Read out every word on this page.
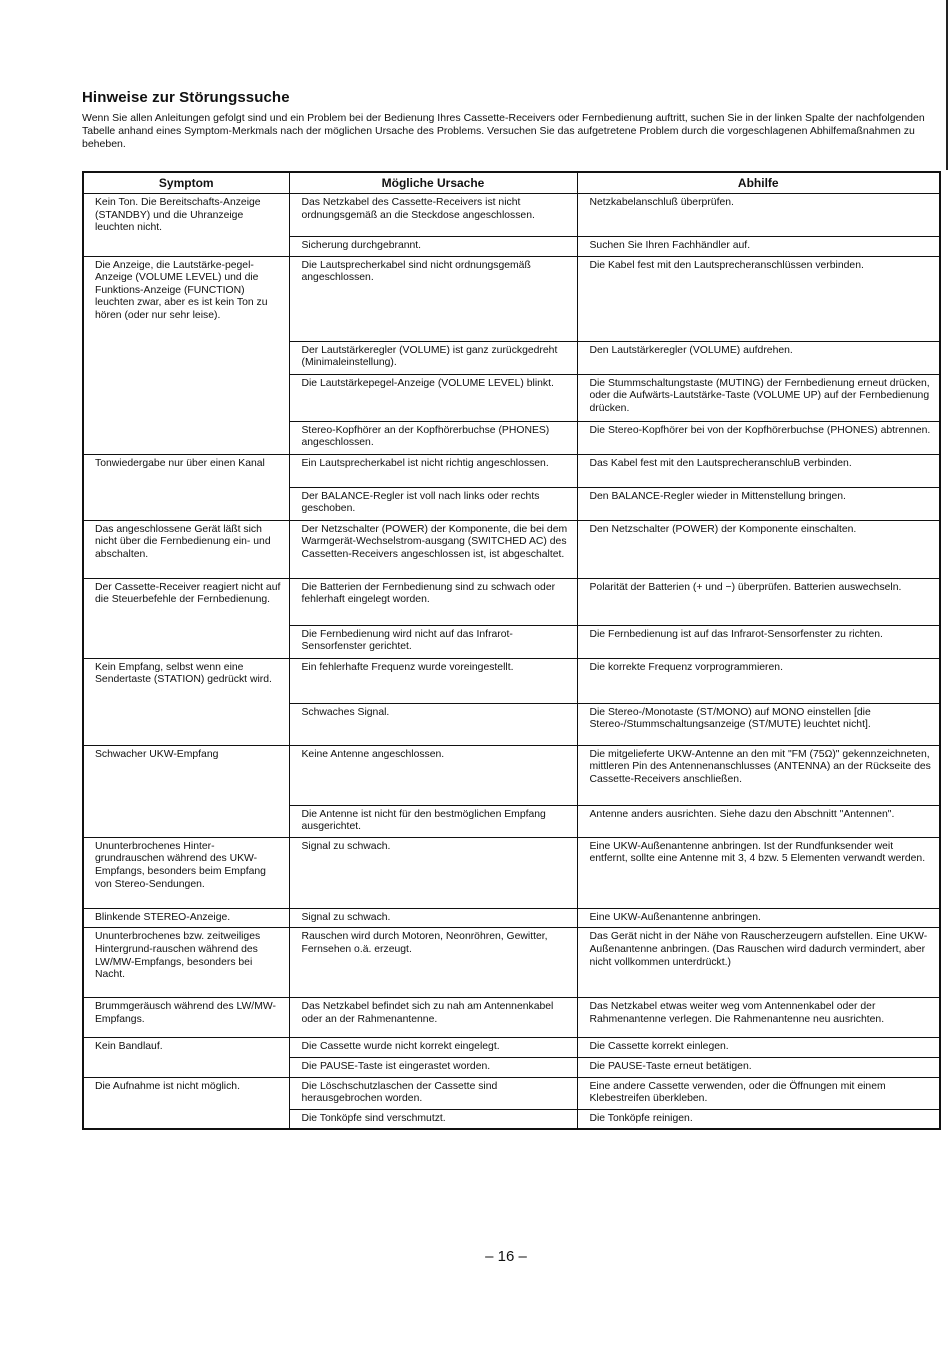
Hinweise zur Störungssuche

Wenn Sie allen Anleitungen gefolgt sind und ein Problem bei der Bedienung Ihres Cassette-Receivers oder Fernbedienung auftritt, suchen Sie in der linken Spalte der nachfolgenden Tabelle anhand eines Symptom-Merkmals nach der möglichen Ursache des Problems. Versuchen Sie das aufgetretene Problem durch die vorgeschlagenen Abhilfemaßnahmen zu beheben.

Symptom	Mögliche Ursache	Abhilfe
Kein Ton. Die Bereitschafts-Anzeige (STANDBY) und die Uhranzeige leuchten nicht.	Das Netzkabel des Cassette-Receivers ist nicht ordnungsgemäß an die Steckdose angeschlossen.	Netzkabelanschluß überprüfen.
	Sicherung durchgebrannt.	Suchen Sie Ihren Fachhändler auf.
Die Anzeige, die Lautstärke-pegel-Anzeige (VOLUME LEVEL) und die Funktions-Anzeige (FUNCTION) leuchten zwar, aber es ist kein Ton zu hören (oder nur sehr leise).	Die Lautsprecherkabel sind nicht ordnungsgemäß angeschlossen.	Die Kabel fest mit den Lautsprecheranschlüssen verbinden.
	Der Lautstärkeregler (VOLUME) ist ganz zurückgedreht (Minimaleinstellung).	Den Lautstärkeregler (VOLUME) aufdrehen.
	Die Lautstärkepegel-Anzeige (VOLUME LEVEL) blinkt.	Die Stummschaltungstaste (MUTING) der Fernbedienung erneut drücken, oder die Aufwärts-Lautstärke-Taste (VOLUME UP) auf der Fernbedienung drücken.
	Stereo-Kopfhörer an der Kopfhörerbuchse (PHONES) angeschlossen.	Die Stereo-Kopfhörer bei von der Kopfhörerbuchse (PHONES) abtrennen.
Tonwiedergabe nur über einen Kanal	Ein Lautsprecherkabel ist nicht richtig angeschlossen.	Das Kabel fest mit den LautsprecheranschluB verbinden.
	Der BALANCE-Regler ist voll nach links oder rechts geschoben.	Den BALANCE-Regler wieder in Mittenstellung bringen.
Das angeschlossene Gerät läßt sich nicht über die Fernbedienung ein- und abschalten.	Der Netzschalter (POWER) der Komponente, die bei dem Warmgerät-Wechselstrom-ausgang (SWITCHED AC) des Cassetten-Receivers angeschlossen ist, ist abgeschaltet.	Den Netzschalter (POWER) der Komponente einschalten.
Der Cassette-Receiver reagiert nicht auf die Steuerbefehle der Fernbedienung.	Die Batterien der Fernbedienung sind zu schwach oder fehlerhaft eingelegt worden.	Polarität der Batterien (+ und −) überprüfen. Batterien auswechseln.
	Die Fernbedienung wird nicht auf das Infrarot-Sensorfenster gerichtet.	Die Fernbedienung ist auf das Infrarot-Sensorfenster zu richten.
Kein Empfang, selbst wenn eine Sendertaste (STATION) gedrückt wird.	Ein fehlerhafte Frequenz wurde voreingestellt.	Die korrekte Frequenz vorprogrammieren.
	Schwaches Signal.	Die Stereo-/Monotaste (ST/MONO) auf MONO einstellen [die Stereo-/Stummschaltungsanzeige (ST/MUTE) leuchtet nicht].
Schwacher UKW-Empfang	Keine Antenne angeschlossen.	Die mitgelieferte UKW-Antenne an den mit "FM (75Ω)" gekennzeichneten, mittleren Pin des Antennenanschlusses (ANTENNA) an der Rückseite des Cassette-Receivers anschließen.
	Die Antenne ist nicht für den bestmöglichen Empfang ausgerichtet.	Antenne anders ausrichten. Siehe dazu den Abschnitt "Antennen".
Ununterbrochenes Hinter-grundrauschen während des UKW-Empfangs, besonders beim Empfang von Stereo-Sendungen.	Signal zu schwach.	Eine UKW-Außenantenne anbringen. Ist der Rundfunksender weit entfernt, sollte eine Antenne mit 3, 4 bzw. 5 Elementen verwandt werden.
Blinkende STEREO-Anzeige.	Signal zu schwach.	Eine UKW-Außenantenne anbringen.
Ununterbrochenes bzw. zeitweiliges Hintergrund-rauschen während des LW/MW-Empfangs, besonders bei Nacht.	Rauschen wird durch Motoren, Neonröhren, Gewitter, Fernsehen o.ä. erzeugt.	Das Gerät nicht in der Nähe von Rauscherzeugern aufstellen. Eine UKW-Außenantenne anbringen. (Das Rauschen wird dadurch vermindert, aber nicht vollkommen unterdrückt.)
Brummgeräusch während des LW/MW-Empfangs.	Das Netzkabel befindet sich zu nah am Antennenkabel oder an der Rahmenantenne.	Das Netzkabel etwas weiter weg vom Antennenkabel oder der Rahmenantenne verlegen. Die Rahmenantenne neu ausrichten.
Kein Bandlauf.	Die Cassette wurde nicht korrekt eingelegt.	Die Cassette korrekt einlegen.
	Die PAUSE-Taste ist eingerastet worden.	Die PAUSE-Taste erneut betätigen.
Die Aufnahme ist nicht möglich.	Die Löschschutzlaschen der Cassette sind herausgebrochen worden.	Eine andere Cassette verwenden, oder die Öffnungen mit einem Klebestreifen überkleben.
	Die Tonköpfe sind verschmutzt.	Die Tonköpfe reinigen.
– 16 –
